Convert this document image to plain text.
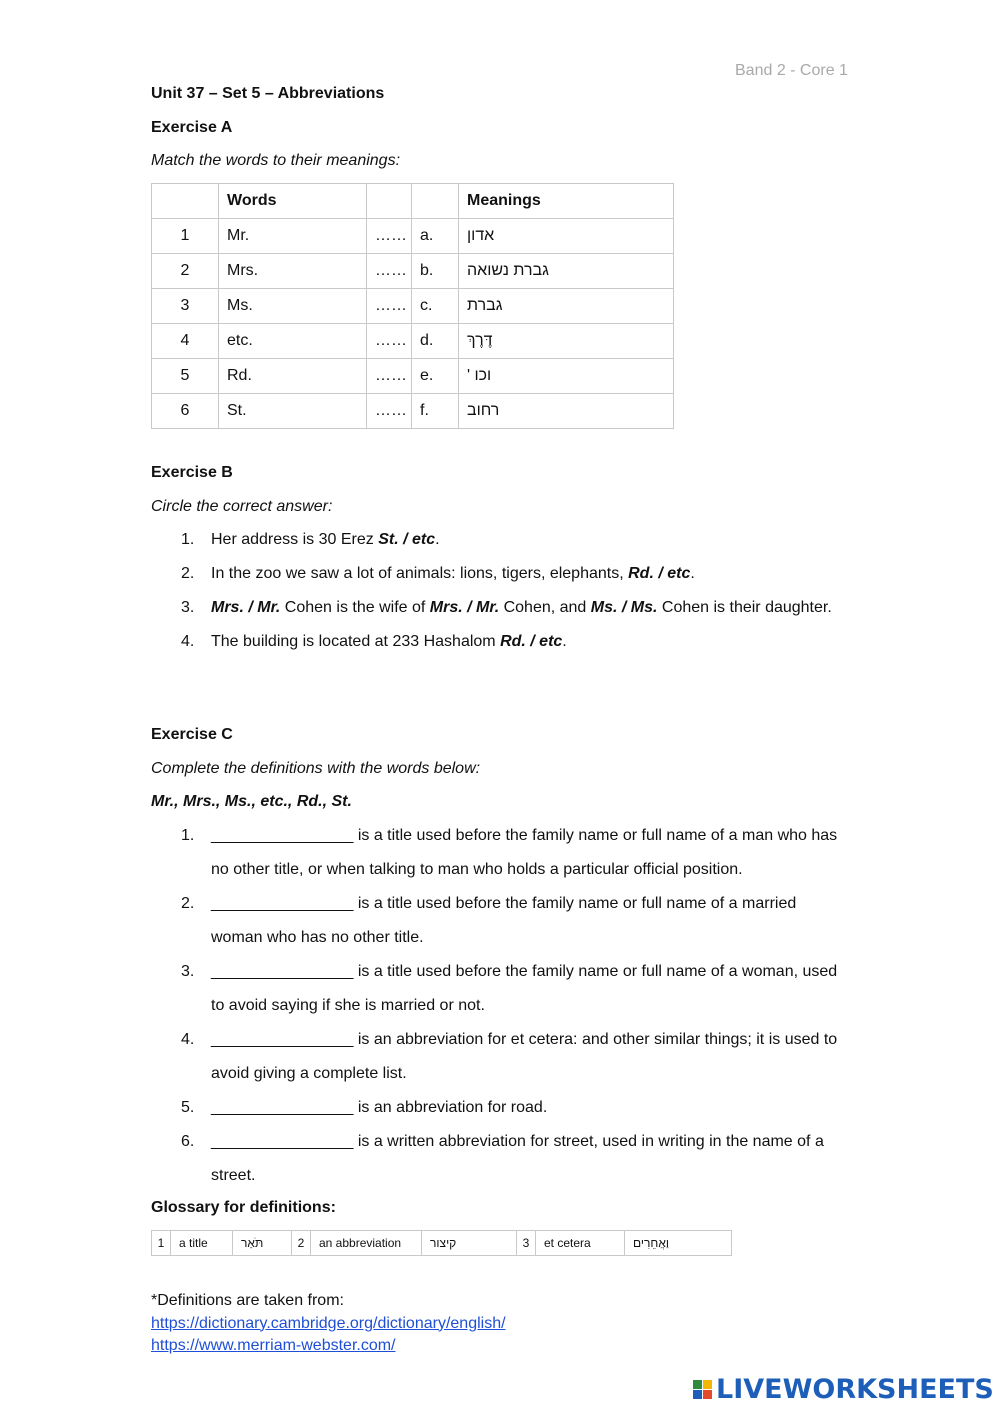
Band 2 - Core 1
Unit 37 – Set 5 – Abbreviations
Exercise A
Match the words to their meanings:
	Words			Meanings
1	Mr.	……	a.	אדון
2	Mrs.	……	b.	גברת נשואה
3	Ms.	……	c.	גברת
4	etc.	……	d.	דֶּרֶךְ
5	Rd.	……	e.	וכו '
6	St.	……	f.	רחוב
Exercise B
Circle the correct answer:
1. Her address is 30 Erez St. / etc.
2. In the zoo we saw a lot of animals: lions, tigers, elephants, Rd. / etc.
3. Mrs. / Mr. Cohen is the wife of Mrs. / Mr. Cohen, and Ms. / Ms. Cohen is their daughter.
4. The building is located at 233 Hashalom Rd. / etc.
Exercise C
Complete the definitions with the words below:
Mr., Mrs., Ms., etc., Rd., St.
1. ________________ is a title used before the family name or full name of a man who has no other title, or when talking to man who holds a particular official position.
2. ________________ is a title used before the family name or full name of a married woman who has no other title.
3. ________________ is a title used before the family name or full name of a woman, used to avoid saying if she is married or not.
4. ________________ is an abbreviation for et cetera: and other similar things; it is used to avoid giving a complete list.
5. ________________ is an abbreviation for road.
6. ________________ is a written abbreviation for street, used in writing in the name of a street.
Glossary for definitions:
1	a title	תֹּאַר	2	an abbreviation	קיצור	3	et cetera	וַאֲחֵרִים
*Definitions are taken from:
https://dictionary.cambridge.org/dictionary/english/
https://www.merriam-webster.com/
LIVEWORKSHEETS
